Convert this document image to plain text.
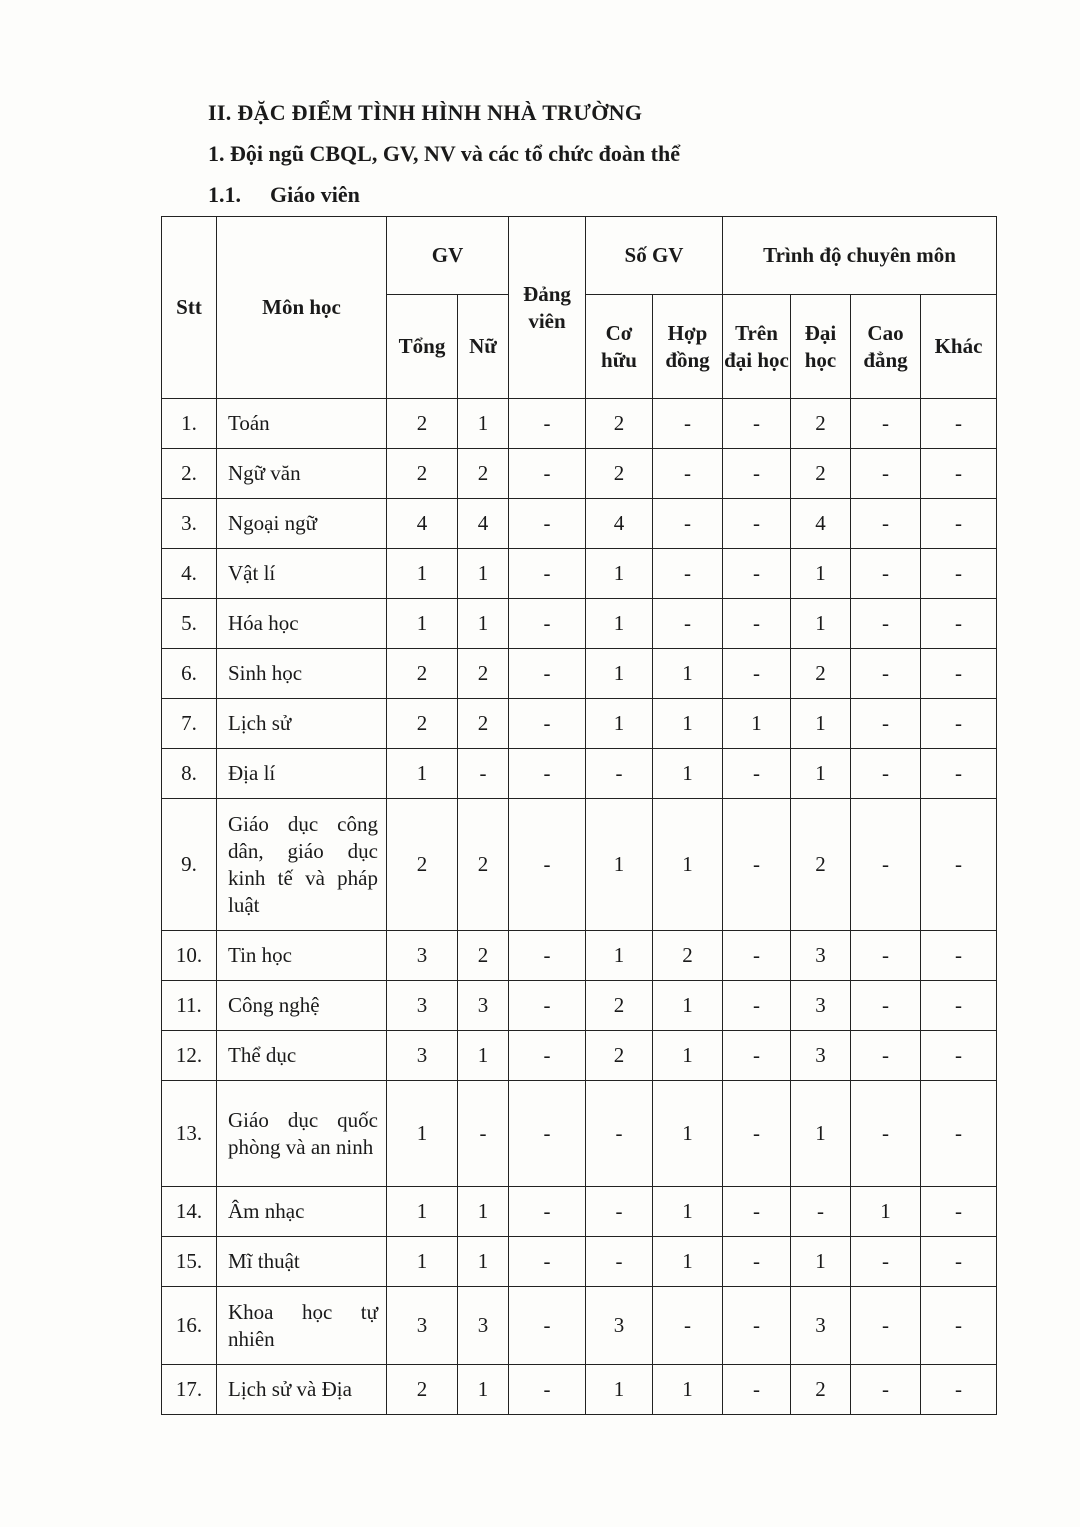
II. ĐẶC ĐIỂM TÌNH HÌNH NHÀ TRƯỜNG
1. Đội ngũ CBQL, GV, NV và các tổ chức đoàn thể
1.1. Giáo viên
Stt	Môn học	GV		Đảng viên	Số GV		Trình độ chuyên môn			
		Tổng	Nữ		Cơ hữu	Hợp đồng	Trên đại học	Đại học	Cao đẳng	Khác
1.	Toán	2	1	-	2	-	-	2	-	-
2.	Ngữ văn	2	2	-	2	-	-	2	-	-
3.	Ngoại ngữ	4	4	-	4	-	-	4	-	-
4.	Vật lí	1	1	-	1	-	-	1	-	-
5.	Hóa học	1	1	-	1	-	-	1	-	-
6.	Sinh học	2	2	-	1	1	-	2	-	-
7.	Lịch sử	2	2	-	1	1	1	1	-	-
8.	Địa lí	1	-	-	-	1	-	1	-	-
9.	Giáo dục công dân, giáo dục kinh tế và pháp luật	2	2	-	1	1	-	2	-	-
10.	Tin học	3	2	-	1	2	-	3	-	-
11.	Công nghệ	3	3	-	2	1	-	3	-	-
12.	Thể dục	3	1	-	2	1	-	3	-	-
13.	Giáo dục quốc phòng và an ninh	1	-	-	-	1	-	1	-	-
14.	Âm nhạc	1	1	-	-	1	-	-	1	-
15.	Mĩ thuật	1	1	-	-	1	-	1	-	-
16.	Khoa học tự nhiên	3	3	-	3	-	-	3	-	-
17.	Lịch sử và Địa	2	1	-	1	1	-	2	-	-
